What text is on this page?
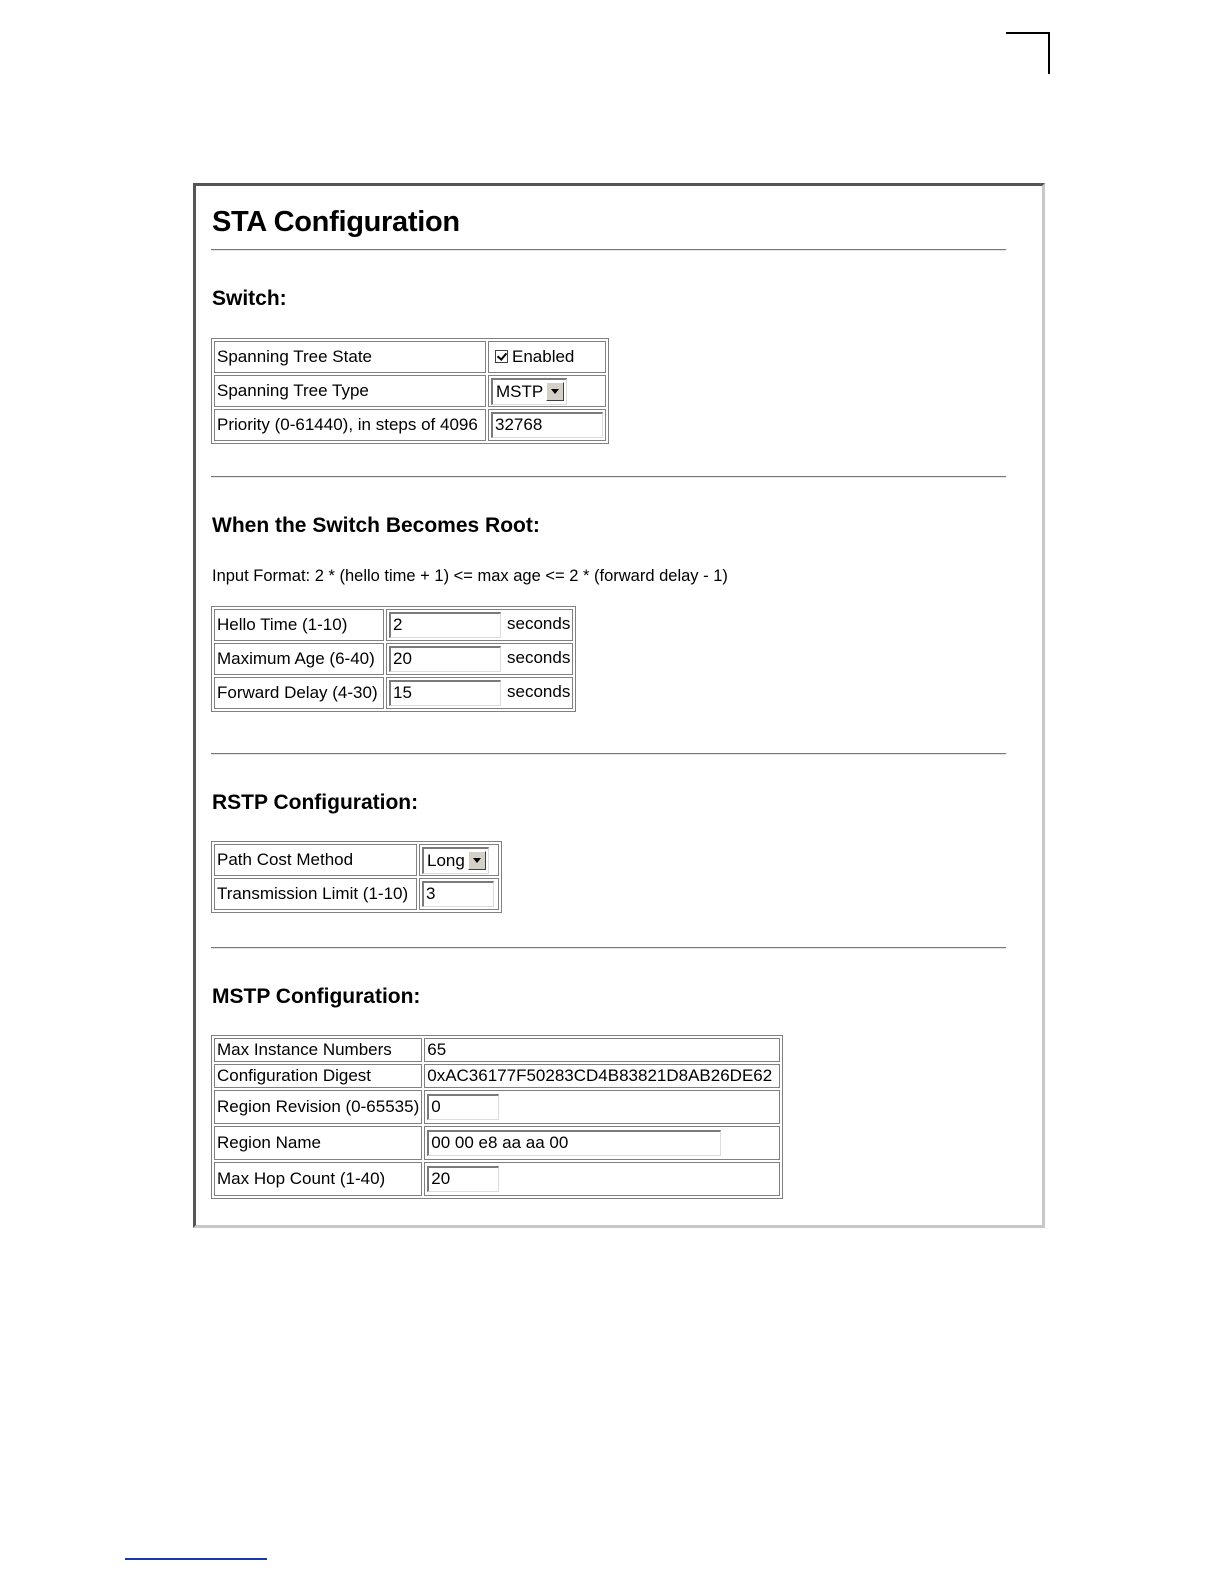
STA Configuration
Switch:
Spanning Tree State	Enabled
Spanning Tree Type	MSTP

Priority (0-61440), in steps of 4096	32768
When the Switch Becomes Root:
Input Format: 2 * (hello time + 1) <= max age <= 2 * (forward delay - 1)
Hello Time (1-10)	2 seconds
Maximum Age (6-40)	20 seconds
Forward Delay (4-30)	15 seconds
RSTP Configuration:
Path Cost Method	Long

Transmission Limit (1-10)	3
MSTP Configuration:
Max Instance Numbers	65
Configuration Digest	0xAC36177F50283CD4B83821D8AB26DE62
Region Revision (0-65535)	0
Region Name	00 00 e8 aa aa 00
Max Hop Count (1-40)	20
